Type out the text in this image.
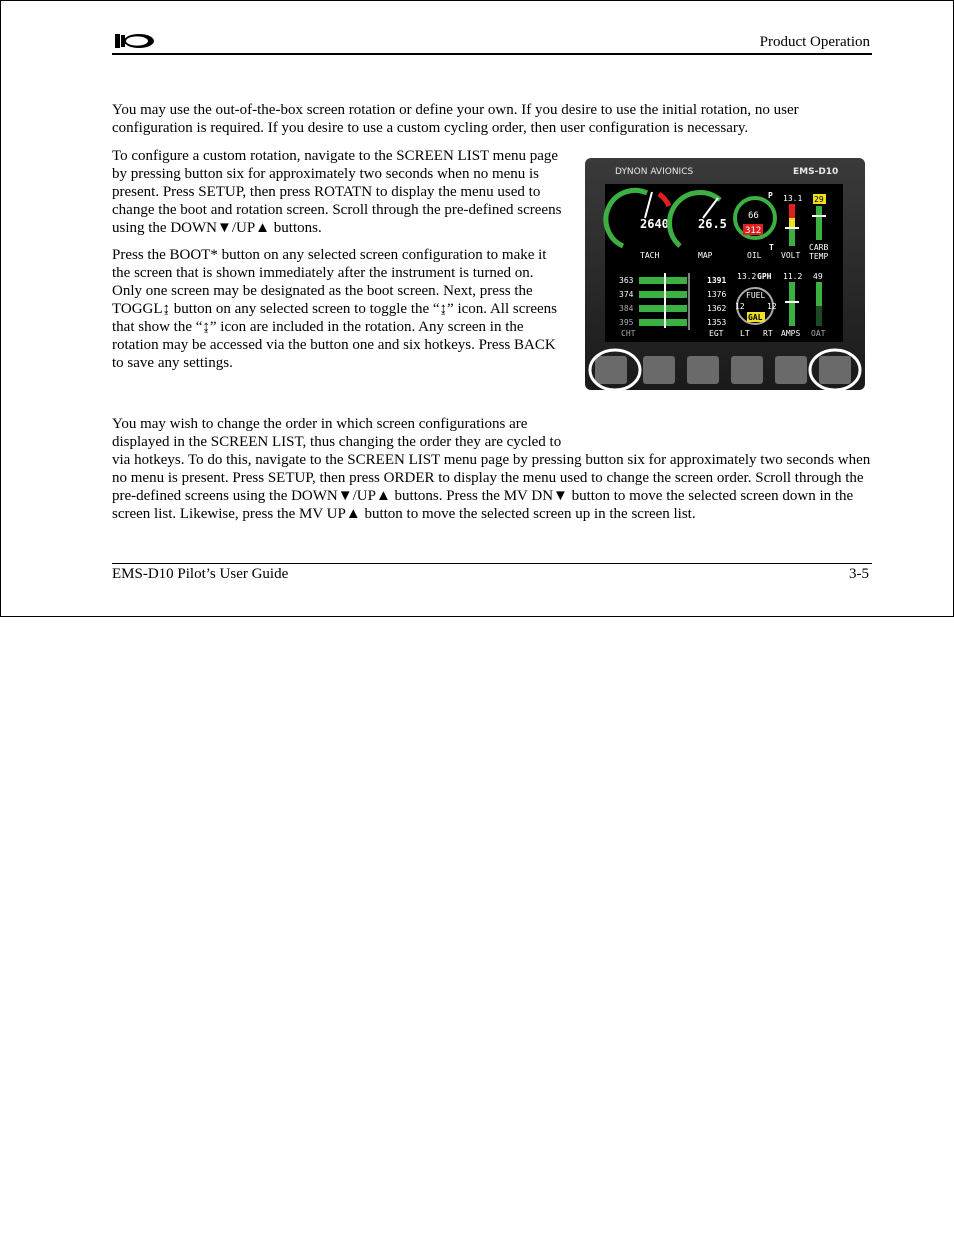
Product Operation

You may use the out-of-the-box screen rotation or define your own. If you desire to use the initial rotation, no user configuration is required. If you desire to use a custom cycling order, then user configuration is necessary.

To configure a custom rotation, navigate to the SCREEN LIST menu page by pressing button six for approximately two seconds when no menu is present. Press SETUP, then press ROTATN to display the menu used to change the boot and rotation screen. Scroll through the pre-defined screens using the DOWN▼/UP▲ buttons.

Press the BOOT* button on any selected screen configuration to make it the screen that is shown immediately after the instrument is turned on. Only one screen may be designated as the boot screen. Next, press the TOGGL↨ button on any selected screen to toggle the “↨” icon. All screens that show the “↨” icon are included in the rotation. Any screen in the rotation may be accessed via the button one and six hotkeys. Press BACK to save any settings.

You may wish to change the order in which screen configurations are displayed in the SCREEN LIST, thus changing the order they are cycled to via hotkeys. To do this, navigate to the SCREEN LIST menu page by pressing button six for approximately two seconds when no menu is present. Press SETUP, then press ORDER to display the menu used to change the screen order. Scroll through the pre-defined screens using the DOWN▼/UP▲ buttons. Press the MV DN▼ button to move the selected screen down in the screen list. Likewise, press the MV UP▲ button to move the selected screen up in the screen list.
DYNON AVIONICS	EMS-D10
2640
TACH
26.5
MAP
P
66
312
T
OIL
13.1
VOLT
29
CARB
TEMP
363
374
384
395
CHT
1391
1376
1362
1353
EGT
13.2 GPH
FUEL
12	12
GAL
LT RT
11.2
AMPS
49
OAT
EMS-D10 Pilot’s User Guide	3-5
